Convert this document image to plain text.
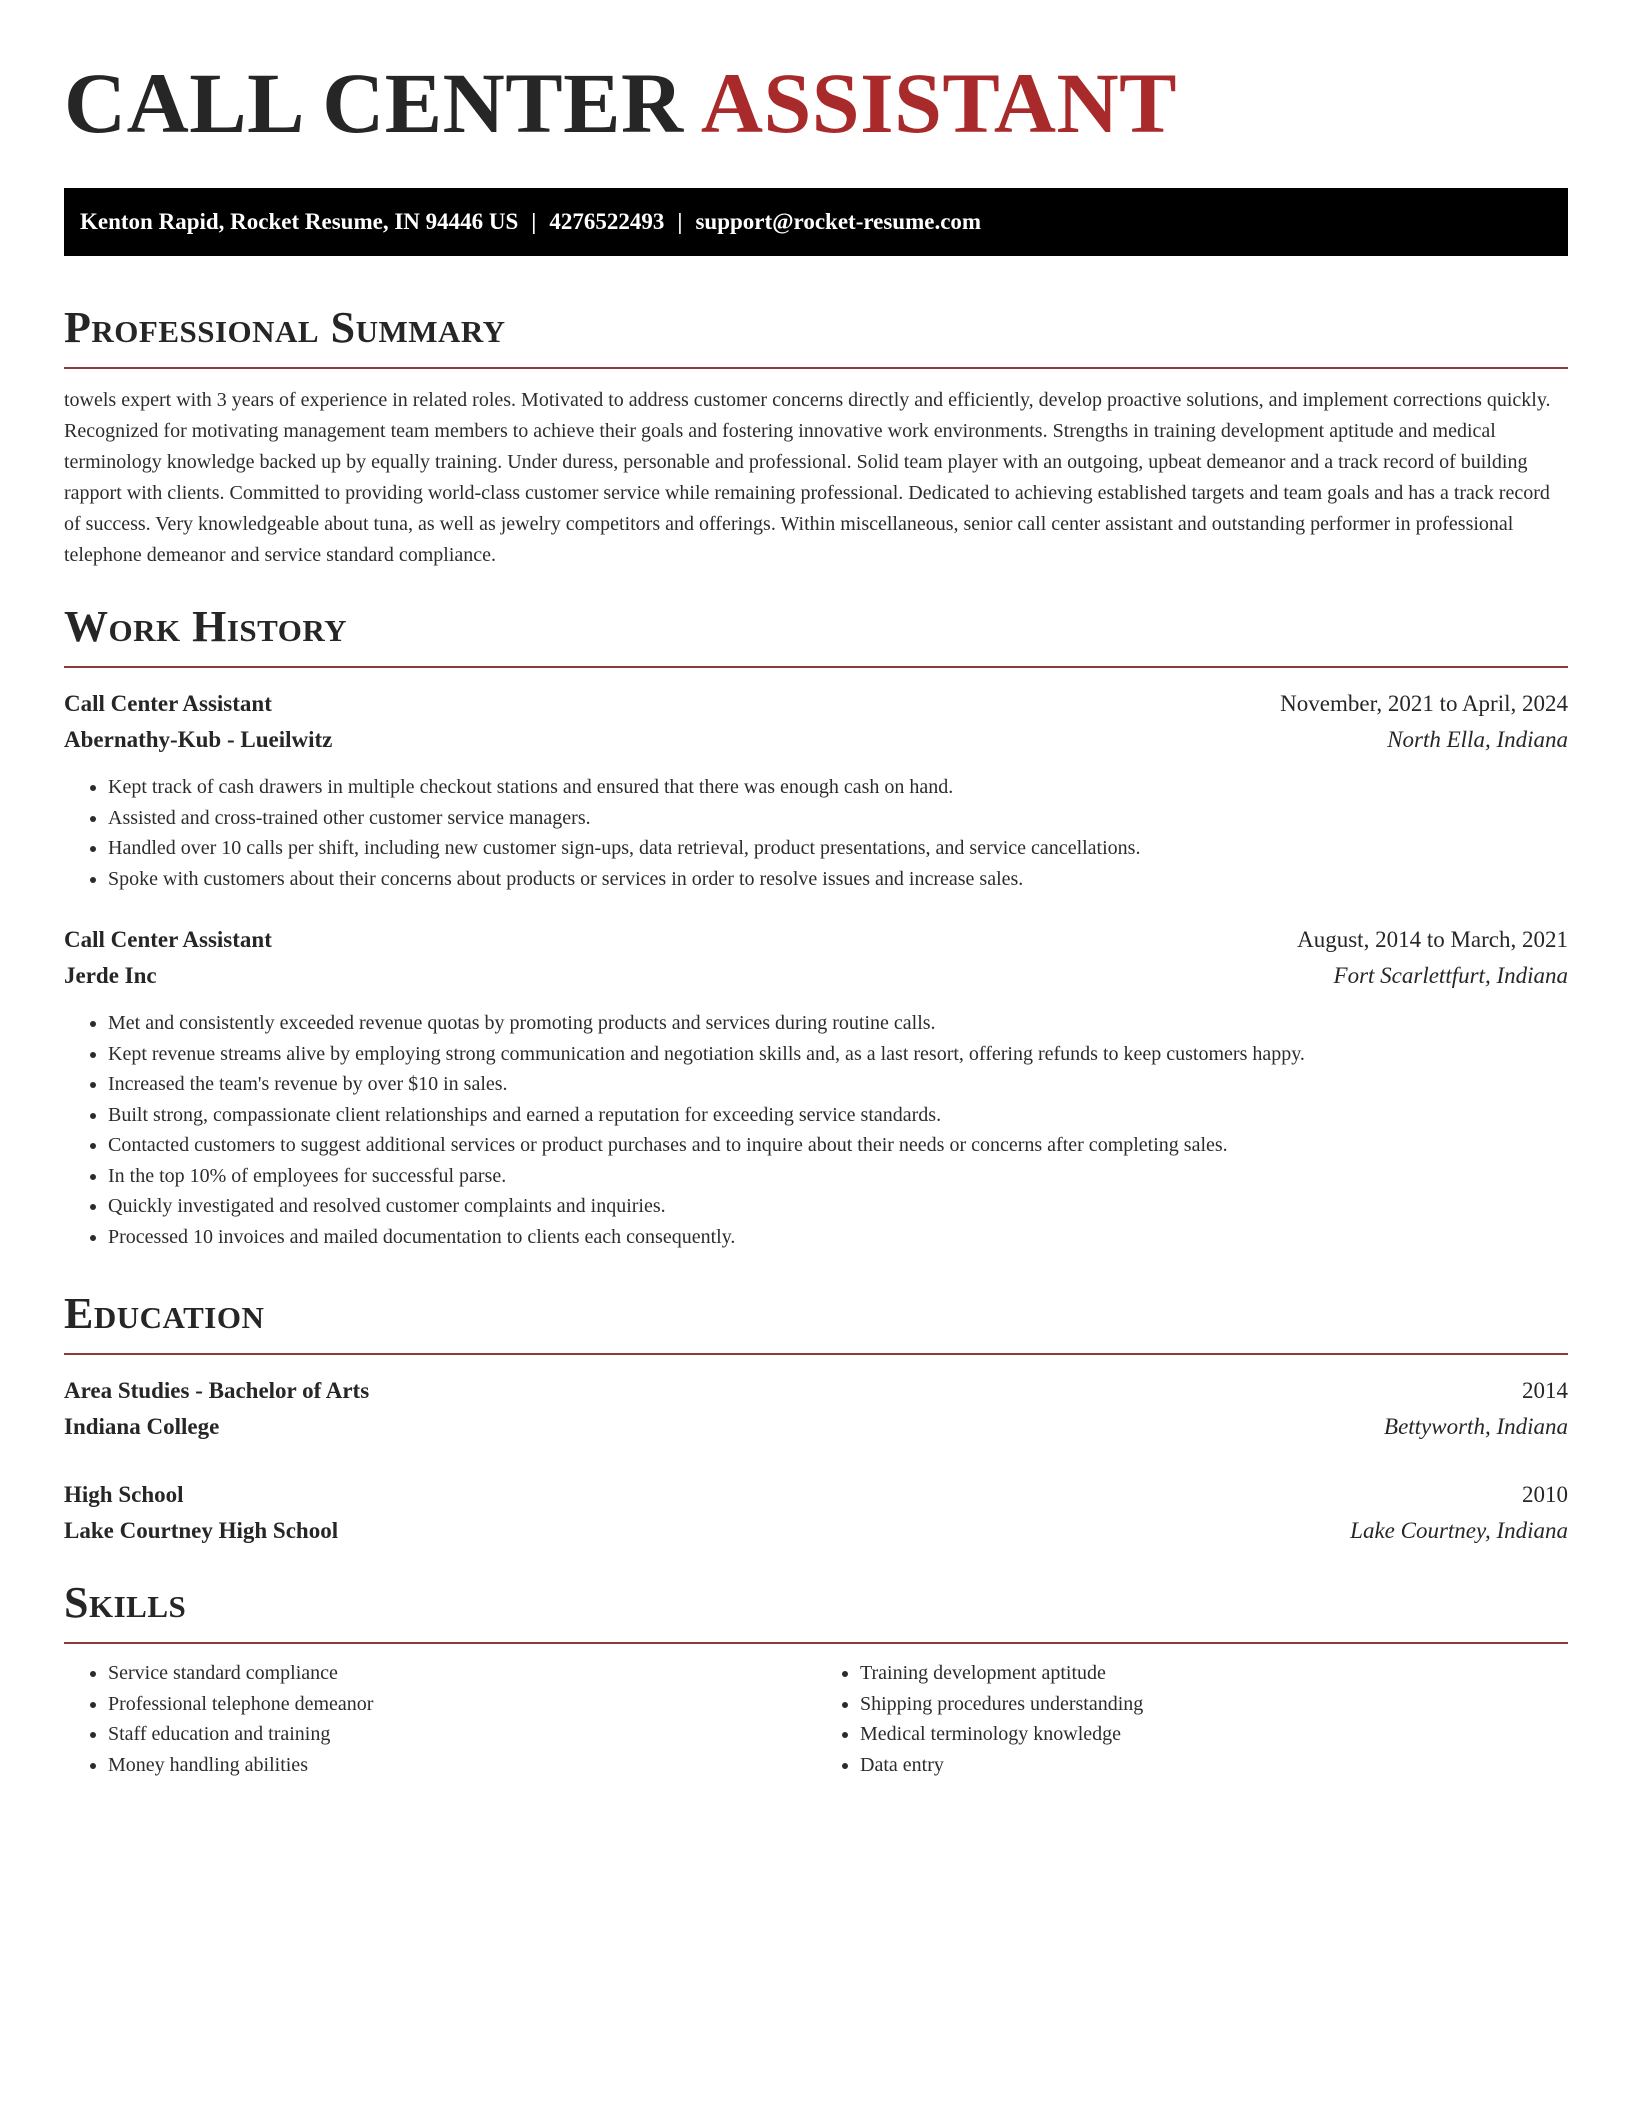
CALL CENTER ASSISTANT
Kenton Rapid, Rocket Resume, IN 94446 US | 4276522493 | support@rocket-resume.com
Professional Summary

towels expert with 3 years of experience in related roles. Motivated to address customer concerns directly and efficiently, develop proactive solutions, and implement corrections quickly. Recognized for motivating management team members to achieve their goals and fostering innovative work environments. Strengths in training development aptitude and medical terminology knowledge backed up by equally training. Under duress, personable and professional. Solid team player with an outgoing, upbeat demeanor and a track record of building rapport with clients. Committed to providing world-class customer service while remaining professional. Dedicated to achieving established targets and team goals and has a track record of success. Very knowledgeable about tuna, as well as jewelry competitors and offerings. Within miscellaneous, senior call center assistant and outstanding performer in professional telephone demeanor and service standard compliance.

Work History
Call Center Assistant	November, 2021 to April, 2024
Abernathy-Kub - Lueilwitz	North Ella, Indiana
• Kept track of cash drawers in multiple checkout stations and ensured that there was enough cash on hand.
• Assisted and cross-trained other customer service managers.
• Handled over 10 calls per shift, including new customer sign-ups, data retrieval, product presentations, and service cancellations.
• Spoke with customers about their concerns about products or services in order to resolve issues and increase sales.
Call Center Assistant	August, 2014 to March, 2021
Jerde Inc	Fort Scarlettfurt, Indiana
• Met and consistently exceeded revenue quotas by promoting products and services during routine calls.
• Kept revenue streams alive by employing strong communication and negotiation skills and, as a last resort, offering refunds to keep customers happy.
• Increased the team's revenue by over $10 in sales.
• Built strong, compassionate client relationships and earned a reputation for exceeding service standards.
• Contacted customers to suggest additional services or product purchases and to inquire about their needs or concerns after completing sales.
• In the top 10% of employees for successful parse.
• Quickly investigated and resolved customer complaints and inquiries.
• Processed 10 invoices and mailed documentation to clients each consequently.
Education
Area Studies - Bachelor of Arts	2014
Indiana College	Bettyworth, Indiana
High School	2010
Lake Courtney High School	Lake Courtney, Indiana
Skills
• Service standard compliance
• Professional telephone demeanor
• Staff education and training
• Money handling abilities
• Training development aptitude
• Shipping procedures understanding
• Medical terminology knowledge
• Data entry
